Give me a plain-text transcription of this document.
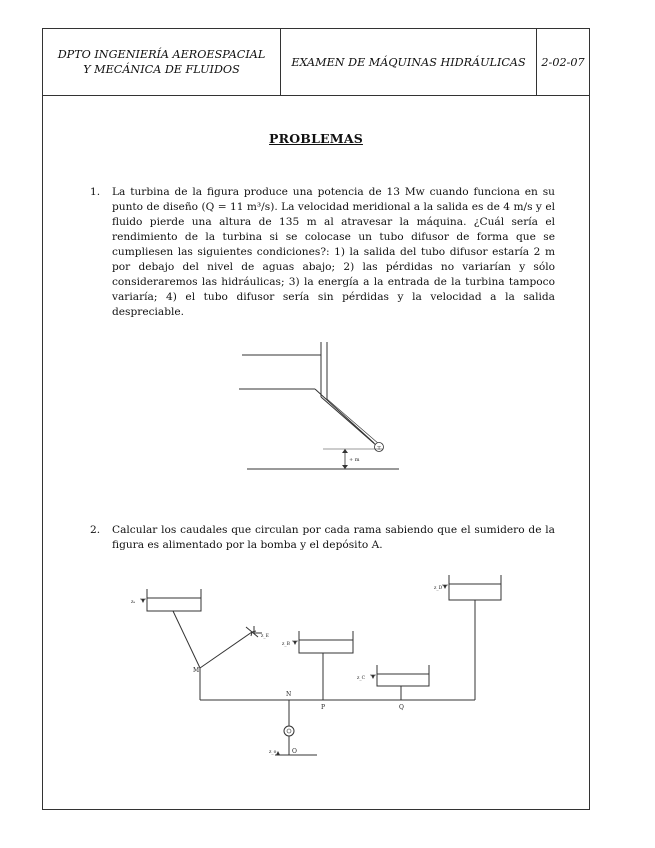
DPTO INGENIERÍA AEROESPACIAL
Y MECÁNICA DE FLUIDOS
EXAMEN DE MÁQUINAS HIDRÁULICAS	2-02-07
PROBLEMAS
1. La turbina de la figura produce una potencia de 13 Mw cuando funciona en su punto de diseño (Q = 11 m³/s). La velocidad meridional a la salida es de 4 m/s y el fluido pierde una altura de 135 m al atravesar la máquina. ¿Cuál sería el rendimiento de la turbina si se colocase un tubo difusor de forma que se cumpliesen las siguientes condiciones?: 1) la salida del tubo difusor estaría 2 m por debajo del nivel de aguas abajo; 2) las pérdidas no variarían y sólo consideraremos las hidráulicas; 3) la energía a la entrada de la turbina tampoco variaría; 4) el tubo difusor sería sin pérdidas y la velocidad a la salida despreciable.
T
+ m
2. Calcular los caudales que circulan por cada rama sabiendo que el sumidero de la figura es alimentado por la bomba y el depósito A.
M
N
P	Q
O
zₐ
z_B
z_C
z_D
z_E
z_o
